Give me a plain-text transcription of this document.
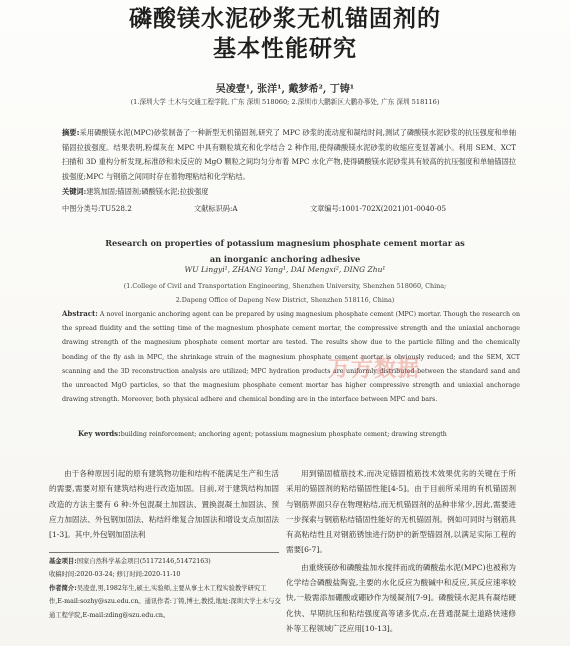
磷酸镁水泥砂浆无机锚固剂的
基本性能研究
吴凌壹¹, 张洋¹, 戴梦希², 丁铸¹
(1.深圳大学 土木与交通工程学院, 广东 深圳 518060; 2.深圳市大鹏新区大鹏办事处, 广东 深圳 518116)
摘要:采用磷酸镁水泥(MPC)砂浆制备了一种新型无机锚固剂,研究了 MPC 砂浆的流动度和凝结时间,测试了磷酸镁水泥砂浆的抗压强度和单轴锚固拉拔强度。结果表明,粉煤灰在 MPC 中具有颗粒填充和化学结合 2 种作用,使得磷酸镁水泥砂浆的收缩应变显著减小。利用 SEM、XCT 扫描和 3D 重构分析发现,标准砂和未反应的 MgO 颗粒之间均匀分布着 MPC 水化产物,使得磷酸镁水泥砂浆具有较高的抗压强度和单轴锚固拉拔强度;MPC 与钢筋之间同时存在着物理粘结和化学粘结。
关键词:建筑加固;锚固剂;磷酸镁水泥;拉拔强度
中图分类号:TU528.2	文献标识码:A	文章编号:1001-702X(2021)01-0040-05
Research on properties of potassium magnesium phosphate cement mortar as
an inorganic anchoring adhesive
WU Lingyi¹, ZHANG Yang¹, DAI Mengxi², DING Zhu¹
(1.College of Civil and Transportation Engineering, Shenzhen University, Shenzhen 518060, China;
2.Dapeng Office of Dapeng New District, Shenzhen 518116, China)
Abstract: A novel inorganic anchoring agent can be prepared by using magnesium phosphate cement (MPC) mortar. Though the research on the spread fluidity and the setting time of the magnesium phosphate cement mortar, the compressive strength and the uniaxial anchorage drawing strength of the magnesium phosphate cement mortar are tested. The results show due to the particle filling and the chemically bonding of the fly ash in MPC, the shrinkage strain of the magnesium phosphate cement mortar is obviously reduced; and the SEM, XCT scanning and the 3D reconstruction analysis are utilized; MPC hydration products are uniformly distributed between the standard sand and the unreacted MgO particles, so that the magnesium phosphate cement mortar has higher compressive strength and uniaxial anchorage drawing strength. Moreover, both physical adhere and chemical bonding are in the interface between MPC and bars.
Key words:building reinforcement; anchoring agent; potassium magnesium phosphate cement; drawing strength

由于各种原因引起的原有建筑物功能和结构不能满足生产和生活的需要,需要对原有建筑结构进行改造加固。目前,对于建筑结构加固改造的方法主要有 6 种:外包混凝土加固法、置换混凝土加固法、预应力加固法、外包钢加固法、粘结纤维复合加固法和增设支点加固法[1-3]。其中,外包钢加固法利

用到锚固植筋技术,而决定锚固植筋技术效果优劣的关键在于所采用的锚固剂的粘结锚固性能[4-5]。由于目前所采用的有机锚固剂与钢筋界面只存在物理粘结,而无机锚固剂的品种非常少,因此,需要进一步探索与钢筋粘结锚固性能好的无机锚固剂。例如可同时与钢筋具有高粘结性且对钢筋锈蚀进行防护的新型锚固剂,以满足实际工程的需要[6-7]。

由重烧镁砂和磷酸盐加水搅拌而成的磷酸盐水泥(MPC)也被称为化学结合磷酸盐陶瓷,主要的水化反应为酸碱中和反应,其反应速率较快,一般需添加硼酸或硼砂作为缓凝剂[7-9]。磷酸镁水泥具有凝结硬化快、早期抗压和粘结强度高等诸多优点,在普通混凝土道路快速修补等工程领域广泛应用[10-13]。

基金项目:国家自然科学基金项目(51172146,51472163)
收稿时间:2020-03-24; 修订时间:2020-11-10
作者简介:吴凌壹,男,1982年生,硕士,实验师,主要从事土木工程实验教学研究工作,E-mail:sozhy@szu.edu.cn。通讯作者:丁铸,博士,教授,地址:深圳大学土木与交通工程学院,E-mail:zding@szu.edu.cn。
万方数据
